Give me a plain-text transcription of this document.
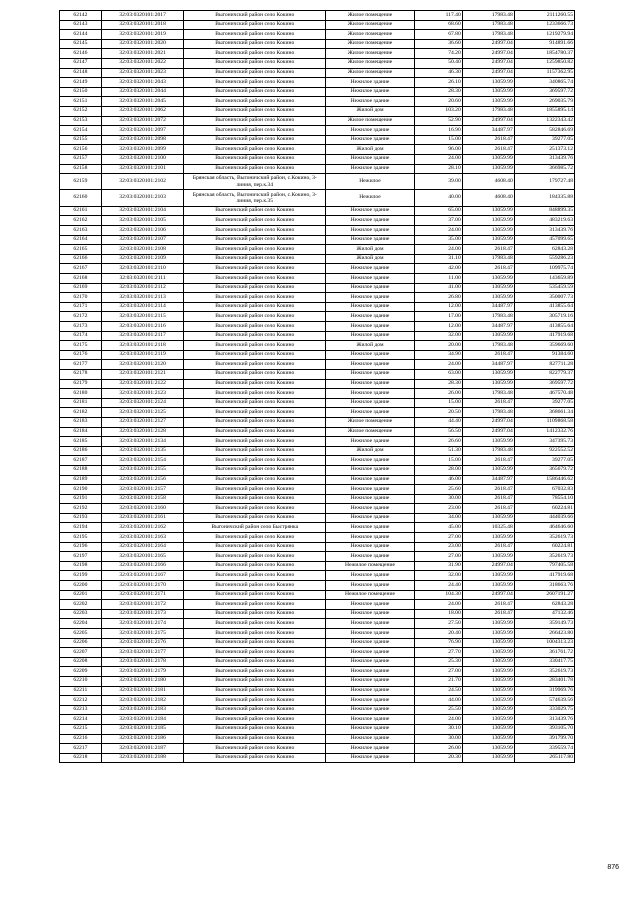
62142	32:03:0320101:2017	Выгоничский район село Кокино	Жилое помещение	117.40	17983.48	2111260.55
62143	32:03:0320101:2018	Выгоничский район село Кокино	Жилое помещение	68.60	17983.48	1233666.73
62144	32:03:0320101:2019	Выгоничский район село Кокино	Жилое помещение	67.80	17983.48	1219279.94
62145	32:03:0320101:2020	Выгоничский район село Кокино	Жилое помещение	36.60	24997.04	914891.66
62146	32:03:0320101:2021	Выгоничский район село Кокино	Жилое помещение	74.20	24997.04	1854780.37
62147	32:03:0320101:2022	Выгоничский район село Кокино	Жилое помещение	50.40	24997.04	1259850.82
62148	32:03:0320101:2023	Выгоничский район село Кокино	Жилое помещение	46.30	24997.04	1157362.95
62149	32:03:0320101:2043	Выгоничский район село Кокино	Нежилое здание	26.10	13059.99	340865.74
62150	32:03:0320101:2044	Выгоничский район село Кокино	Нежилое здание	28.30	13059.99	369597.72
62151	32:03:0320101:2045	Выгоничский район село Кокино	Нежилое здание	20.60	13059.99	269035.79
62152	32:03:0320101:2062	Выгоничский район село Кокино	Жилой дом	103.20	17983.48	1855895.14
62153	32:03:0320101:2072	Выгоничский район село Кокино	Жилое помещение	52.90	24997.04	1322343.42
62154	32:03:0320101:2097	Выгоничский район село Кокино	Нежилое здание	16.90	34487.97	582846.69
62155	32:03:0320101:2098	Выгоничский район село Кокино	Нежилое здание	15.00	2618.47	39277.05
62156	32:03:0320101:2099	Выгоничский район село Кокино	Жилой дом	96.00	2618.47	251373.12
62157	32:03:0320101:2100	Выгоничский район село Кокино	Нежилое здание	24.00	13059.99	313439.76
62158	32:03:0320101:2101	Выгоничский район село Кокино	Нежилое здание	28.10	13059.99	366985.72
62159	32:03:0320101:2102	Брянская область, Выгоничский район, с.Кокино, 3-линия, пер.к.34	Нежилое	39.00	4608.40	179727.48
62160	32:03:0320101:2103	Брянская область, Выгоничский район, с.Кокино, 3-линия, пер.к.35	Нежилое	40.00	4608.40	184335.88
62161	32:03:0320101:2104	Выгоничский район село Кокино	Нежилое здание	65.00	13059.99	848899.35
62162	32:03:0320101:2105	Выгоничский район село Кокино	Нежилое здание	37.00	13059.99	483219.63
62163	32:03:0320101:2106	Выгоничский район село Кокино	Нежилое здание	24.00	13059.99	313439.76
62164	32:03:0320101:2107	Выгоничский район село Кокино	Нежилое здание	35.00	13059.99	457099.65
62165	32:03:0320101:2108	Выгоничский район село Кокино	Жилой дом	24.00	2618.47	62843.28
62166	32:03:0320101:2109	Выгоничский район село Кокино	Жилой дом	31.10	17983.48	559286.23
62167	32:03:0320101:2110	Выгоничский район село Кокино	Нежилое здание	42.00	2618.47	109975.74
62168	32:03:0320101:2111	Выгоничский район село Кокино	Нежилое здание	11.00	13059.99	143659.89
62169	32:03:0320101:2112	Выгоничский район село Кокино	Нежилое здание	41.00	13059.99	535459.59
62170	32:03:0320101:2113	Выгоничский район село Кокино	Нежилое здание	26.80	13059.99	350007.73
62171	32:03:0320101:2114	Выгоничский район село Кокино	Нежилое здание	12.00	34487.97	413855.64
62172	32:03:0320101:2115	Выгоничский район село Кокино	Нежилое здание	17.00	17983.48	305719.16
62173	32:03:0320101:2116	Выгоничский район село Кокино	Нежилое здание	12.00	34487.97	413855.64
62174	32:03:0320101:2117	Выгоничский район село Кокино	Нежилое здание	32.00	13059.99	417919.68
62175	32:03:0320101:2118	Выгоничский район село Кокино	Жилой дом	20.00	17983.48	359669.60
62176	32:03:0320101:2119	Выгоничский район село Кокино	Нежилое здание	34.90	2618.47	91384.60
62177	32:03:0320101:2120	Выгоничский район село Кокино	Нежилое здание	24.00	34487.97	827711.28
62178	32:03:0320101:2121	Выгоничский район село Кокино	Нежилое здание	63.00	13059.99	822779.37
62179	32:03:0320101:2122	Выгоничский район село Кокино	Нежилое здание	28.30	13059.99	369597.72
62180	32:03:0320101:2123	Выгоничский район село Кокино	Нежилое здание	26.00	17983.48	467570.48
62181	32:03:0320101:2124	Выгоничский район село Кокино	Нежилое здание	15.00	2618.47	39277.05
62182	32:03:0320101:2125	Выгоничский район село Кокино	Нежилое здание	20.50	17983.48	368661.34
62183	32:03:0320101:2127	Выгоничский район село Кокино	Жилое помещение	44.40	24997.04	1109868.58
62184	32:03:0320101:2128	Выгоничский район село Кокино	Жилое помещение	56.50	24997.04	1412332.76
62185	32:03:0320101:2134	Выгоничский район село Кокино	Нежилое здание	26.60	13059.99	347395.73
62186	32:03:0320101:2135	Выгоничский район село Кокино	Жилой дом	51.30	17983.48	922552.52
62187	32:03:0320101:2154	Выгоничский район село Кокино	Нежилое здание	15.00	2618.47	39277.05
62188	32:03:0320101:2155	Выгоничский район село Кокино	Нежилое здание	28.00	13059.99	365679.72
62189	32:03:0320101:2156	Выгоничский район село Кокино	Нежилое здание	46.00	34487.97	1586446.62
62190	32:03:0320101:2157	Выгоничский район село Кокино	Нежилое здание	25.60	2618.47	67032.83
62191	32:03:0320101:2158	Выгоничский район село Кокино	Нежилое здание	30.00	2618.47	78554.10
62192	32:03:0320101:2160	Выгоничский район село Кокино	Нежилое здание	23.00	2618.47	60224.81
62193	32:03:0320101:2161	Выгоничский район село Кокино	Нежилое здание	34.00	13059.99	444039.66
62194	32:03:0320101:2162	Выгоничский район село Быстрянка	Нежилое здание	45.00	10325.48	464646.60
62195	32:03:0320101:2163	Выгоничский район село Кокино	Нежилое здание	27.00	13059.99	352619.73
62196	32:03:0320101:2164	Выгоничский район село Кокино	Нежилое здание	23.00	2618.47	60224.81
62197	32:03:0320101:2165	Выгоничский район село Кокино	Нежилое здание	27.00	13059.99	352619.73
62198	32:03:0320101:2166	Выгоничский район село Кокино	Нежилое помещение	31.90	24997.04	797405.58
62199	32:03:0320101:2167	Выгоничский район село Кокино	Нежилое здание	32.00	13059.99	417919.68
62200	32:03:0320101:2170	Выгоничский район село Кокино	Нежилое здание	24.40	13059.99	318663.76
62201	32:03:0320101:2171	Выгоничский район село Кокино	Нежилое помещение	104.30	24997.04	2607191.27
62202	32:03:0320101:2172	Выгоничский район село Кокино	Нежилое здание	24.00	2618.47	62843.28
62203	32:03:0320101:2173	Выгоничский район село Кокино	Нежилое здание	18.00	2618.47	47132.46
62204	32:03:0320101:2174	Выгоничский район село Кокино	Нежилое здание	27.50	13059.99	359149.73
62205	32:03:0320101:2175	Выгоничский район село Кокино	Нежилое здание	20.40	13059.99	266423.80
62206	32:03:0320101:2176	Выгоничский район село Кокино	Нежилое здание	76.90	13059.99	1004313.23
62207	32:03:0320101:2177	Выгоничский район село Кокино	Нежилое здание	27.70	13059.99	361761.72
62208	32:03:0320101:2178	Выгоничский район село Кокино	Нежилое здание	25.30	13059.99	330417.75
62209	32:03:0320101:2179	Выгоничский район село Кокино	Нежилое здание	27.00	13059.99	352619.73
62210	32:03:0320101:2180	Выгоничский район село Кокино	Нежилое здание	21.70	13059.99	283401.78
62211	32:03:0320101:2181	Выгоничский район село Кокино	Нежилое здание	24.50	13059.99	319969.76
62212	32:03:0320101:2182	Выгоничский район село Кокино	Нежилое здание	44.00	13059.99	574639.56
62213	32:03:0320101:2183	Выгоничский район село Кокино	Нежилое здание	25.50	13059.99	333029.75
62214	32:03:0320101:2184	Выгоничский район село Кокино	Нежилое здание	24.00	13059.99	313439.76
62215	32:03:0320101:2185	Выгоничский район село Кокино	Нежилое здание	30.10	13059.99	393105.70
62216	32:03:0320101:2186	Выгоничский район село Кокино	Нежилое здание	30.00	13059.99	391799.70
62217	32:03:0320101:2187	Выгоничский район село Кокино	Нежилое здание	26.00	13059.99	339559.74
62218	32:03:0320101:2188	Выгоничский район село Кокино	Нежилое здание	20.30	13059.99	265117.80
876
